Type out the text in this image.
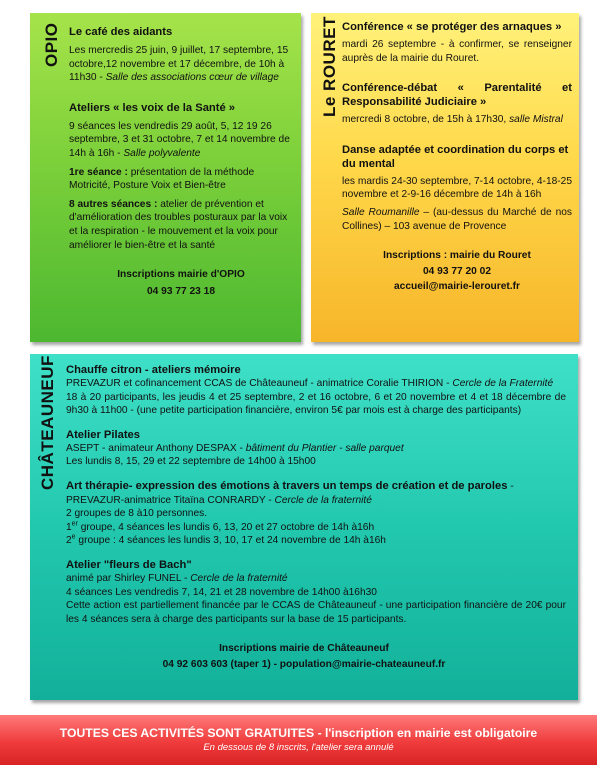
OPIO Le café des aidants

Les mercredis 25 juin, 9 juillet, 17 septembre, 15 octobre,12 novembre et 17 décembre, de 10h à 11h30 - Salle des associations cœur de village

Ateliers « les voix de la Santé »

9 séances les vendredis 29 août, 5, 12 19 26 septembre, 3 et 31 octobre, 7 et 14 novembre de 14h à 16h - Salle polyvalente

1re séance : présentation de la méthode Motricité, Posture Voix et Bien-être

8 autres séances : atelier de prévention et d'amélioration des troubles posturaux par la voix et la respiration - le mouvement et la voix pour améliorer le bien-être et la santé

Inscriptions mairie d'OPIO

04 93 77 23 18

Le ROURET Conférence « se protéger des arnaques »

mardi 26 septembre - à confirmer, se renseigner auprès de la mairie du Rouret.

Conférence-débat « Parentalité et Responsabilité Judiciaire »

mercredi 8 octobre, de 15h à 17h30, salle Mistral

Danse adaptée et coordination du corps et du mental

les mardis 24-30 septembre, 7-14 octobre, 4-18-25 novembre et 2-9-16 décembre de 14h à 16h

Salle Roumanille – (au-dessus du Marché de nos Collines) – 103 avenue de Provence

Inscriptions : mairie du Rouret

04 93 77 20 02

accueil@mairie-lerouret.fr

CHÂTEAUNEUF Chauffe citron - ateliers mémoire

PREVAZUR et cofinancement CCAS de Châteauneuf - animatrice Coralie THIRION - Cercle de la Fraternité

18 à 20 participants, les jeudis 4 et 25 septembre, 2 et 16 octobre, 6 et 20 novembre et 4 et 18 décembre de 9h30 à 11h00 - (une petite participation financière, environ 5€ par mois est à charge des participants)

Atelier Pilates

ASEPT - animateur Anthony DESPAX - bâtiment du Plantier - salle parquet

Les lundis 8, 15, 29 et 22 septembre de 14h00 à 15h00

Art thérapie- expression des émotions à travers un temps de création et de paroles - PREVAZUR-animatrice Titaïna CONRARDY - Cercle de la fraternité

2 groupes de 8 à10 personnes.

1er groupe, 4 séances les lundis 6, 13, 20 et 27 octobre de 14h à16h

2e groupe : 4 séances les lundis 3, 10, 17 et 24 novembre de 14h à16h

Atelier "fleurs de Bach"

animé par Shirley FUNEL - Cercle de la fraternité

4 séances Les vendredis 7, 14, 21 et 28 novembre de 14h00 à16h30

Cette action est partiellement financée par le CCAS de Châteauneuf - une participation financière de 20€ pour les 4 séances sera à charge des participants sur la base de 15 participants.

Inscriptions mairie de Châteauneuf

04 92 603 603 (taper 1) - population@mairie-chateauneuf.fr

TOUTES CES ACTIVITÉS SONT GRATUITES - l'inscription en mairie est obligatoire
En dessous de 8 inscrits, l'atelier sera annulé
